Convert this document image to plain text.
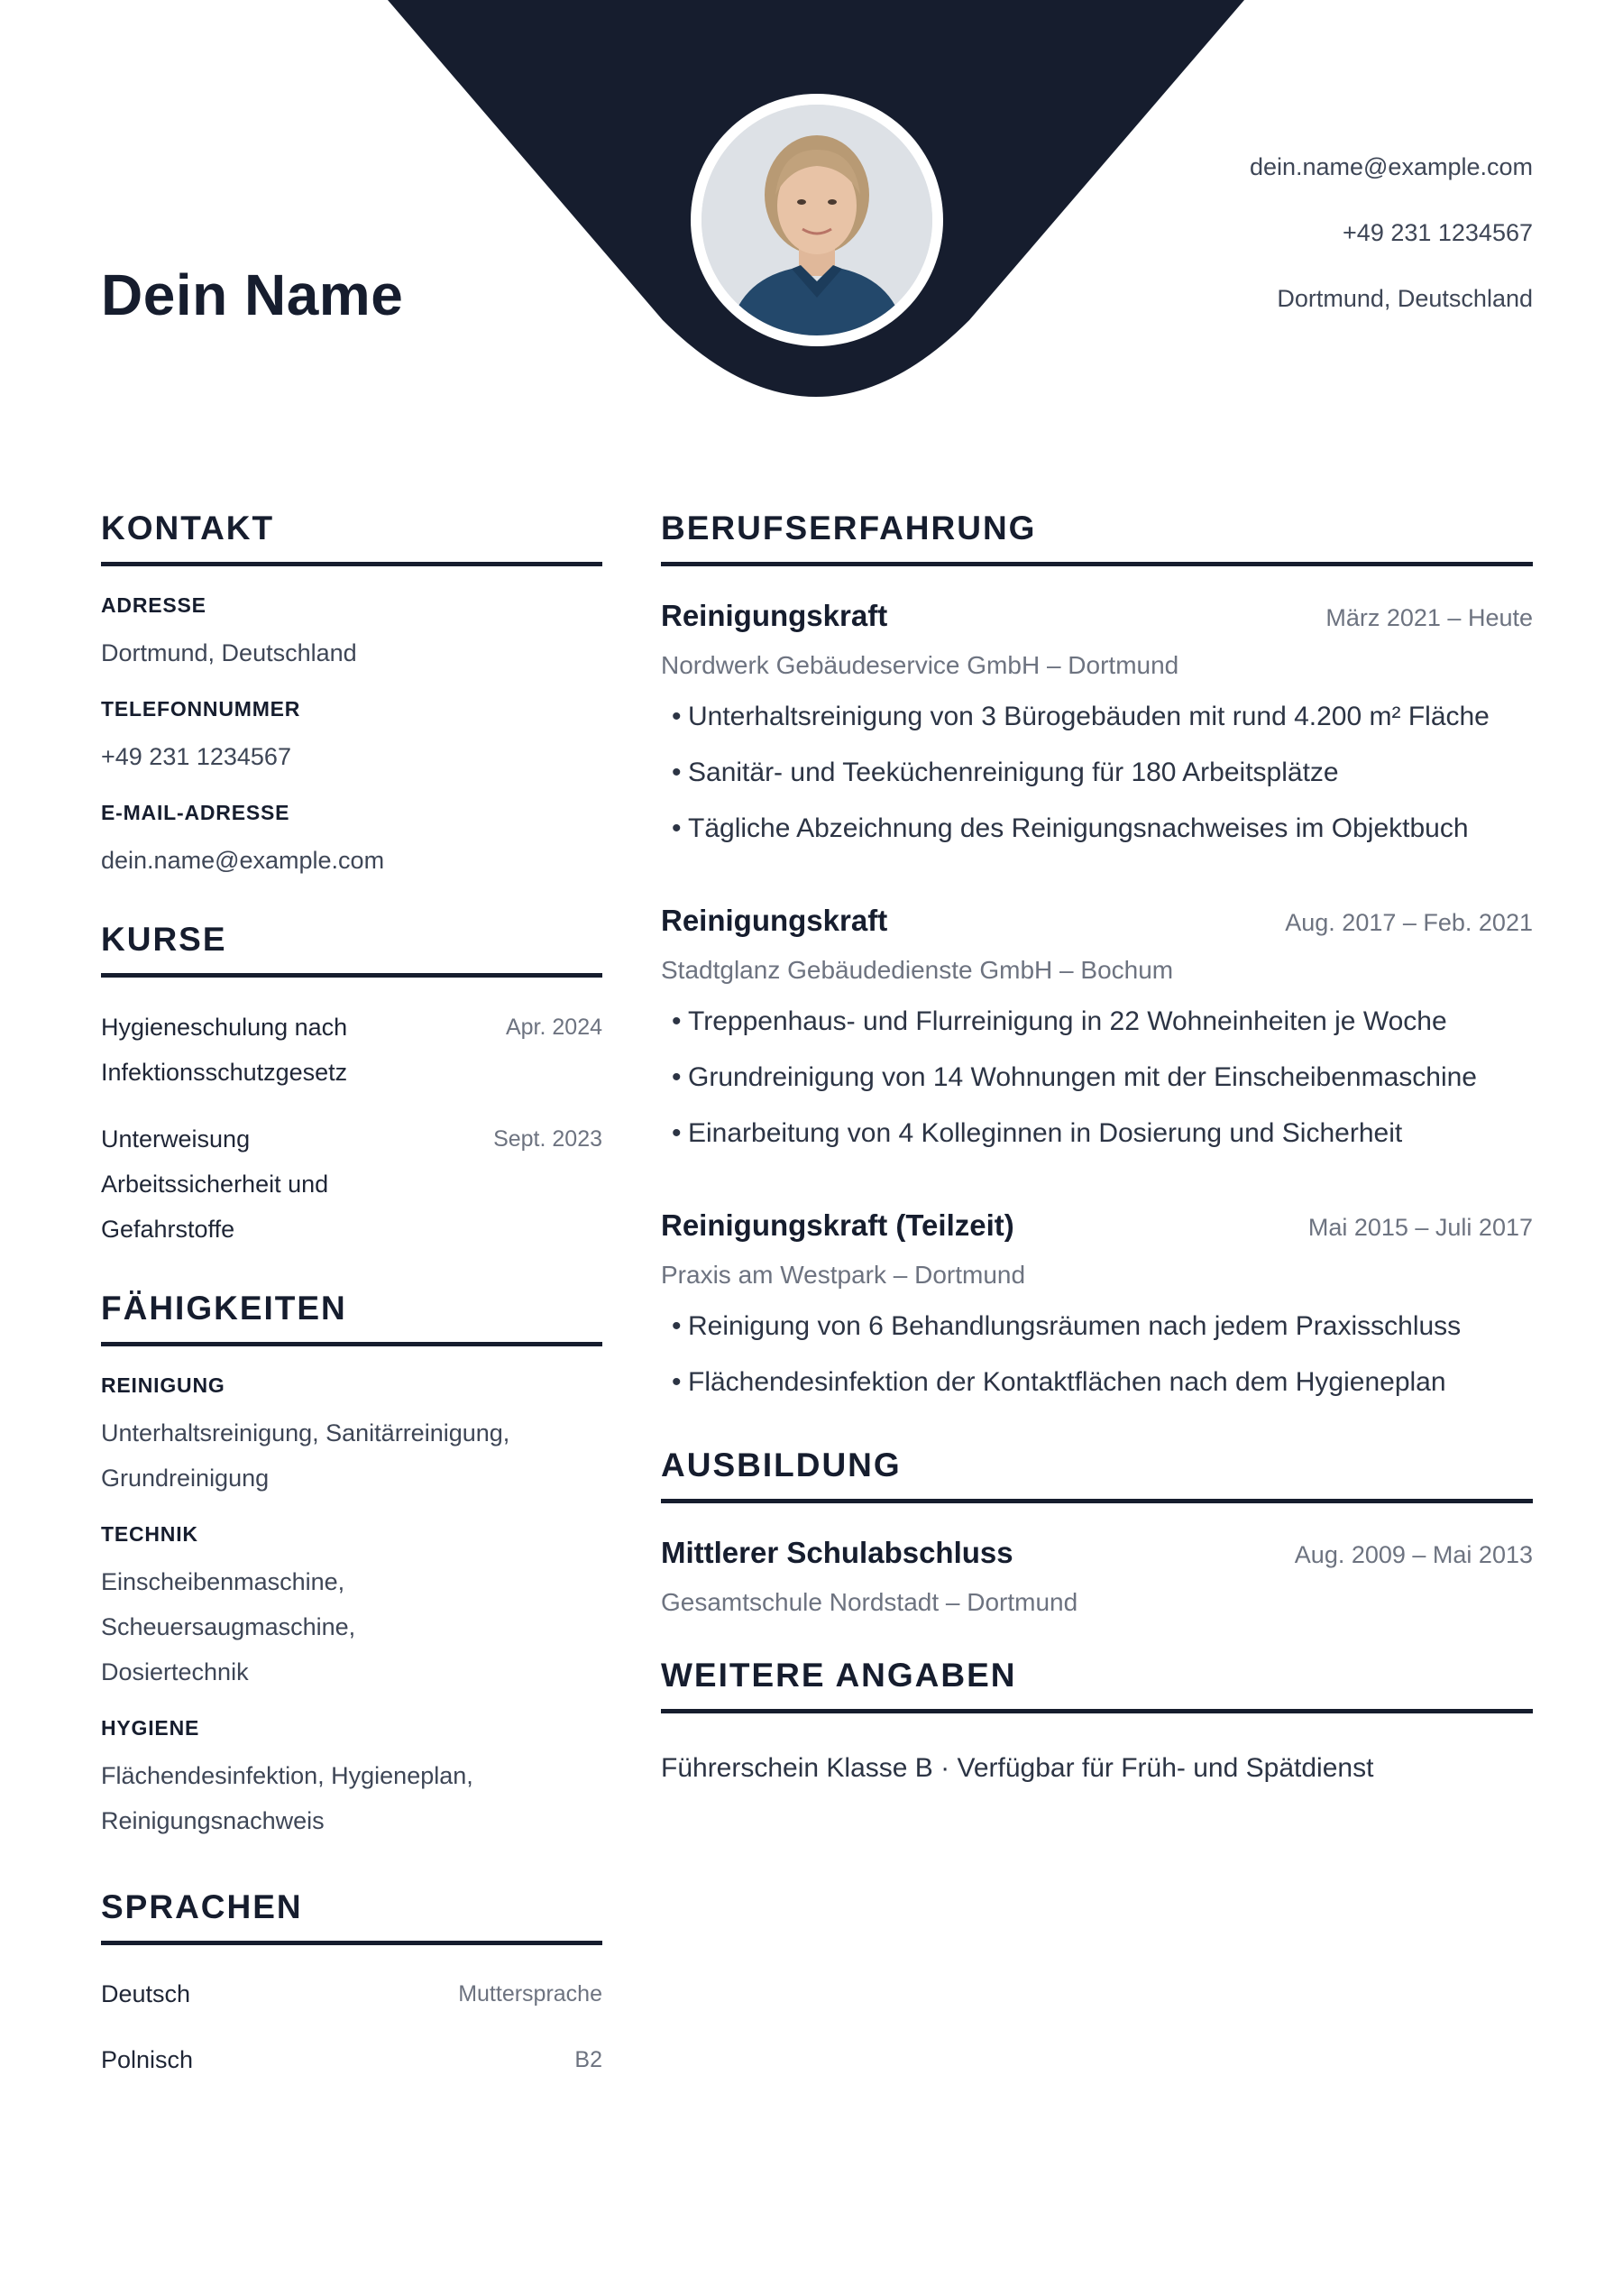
Dein Name
dein.name@example.com
+49 231 1234567
Dortmund, Deutschland
KONTAKT
ADRESSE
Dortmund, Deutschland
TELEFONNUMMER
+49 231 1234567
E-MAIL-ADRESSE
dein.name@example.com
KURSE
Hygieneschulung nach
Infektionsschutzgesetz
Apr. 2024
Unterweisung
Arbeitssicherheit und
Gefahrstoffe
Sept. 2023
FÄHIGKEITEN
REINIGUNG
Unterhaltsreinigung, Sanitärreinigung,
Grundreinigung
TECHNIK
Einscheibenmaschine, Scheuersaugmaschine,
Dosiertechnik
HYGIENE
Flächendesinfektion, Hygieneplan,
Reinigungsnachweis
SPRACHEN
Deutsch	Muttersprache
Polnisch	B2
BERUFSERFAHRUNG
Reinigungskraft	März 2021 – Heute
Nordwerk Gebäudeservice GmbH – Dortmund
• Unterhaltsreinigung von 3 Bürogebäuden mit rund 4.200 m² Fläche
• Sanitär- und Teeküchenreinigung für 180 Arbeitsplätze
• Tägliche Abzeichnung des Reinigungsnachweises im Objektbuch
Reinigungskraft	Aug. 2017 – Feb. 2021
Stadtglanz Gebäudedienste GmbH – Bochum
• Treppenhaus- und Flurreinigung in 22 Wohneinheiten je Woche
• Grundreinigung von 14 Wohnungen mit der Einscheibenmaschine
• Einarbeitung von 4 Kolleginnen in Dosierung und Sicherheit
Reinigungskraft (Teilzeit)	Mai 2015 – Juli 2017
Praxis am Westpark – Dortmund
• Reinigung von 6 Behandlungsräumen nach jedem Praxisschluss
• Flächendesinfektion der Kontaktflächen nach dem Hygieneplan
AUSBILDUNG
Mittlerer Schulabschluss	Aug. 2009 – Mai 2013
Gesamtschule Nordstadt – Dortmund
WEITERE ANGABEN
Führerschein Klasse B · Verfügbar für Früh- und Spätdienst
